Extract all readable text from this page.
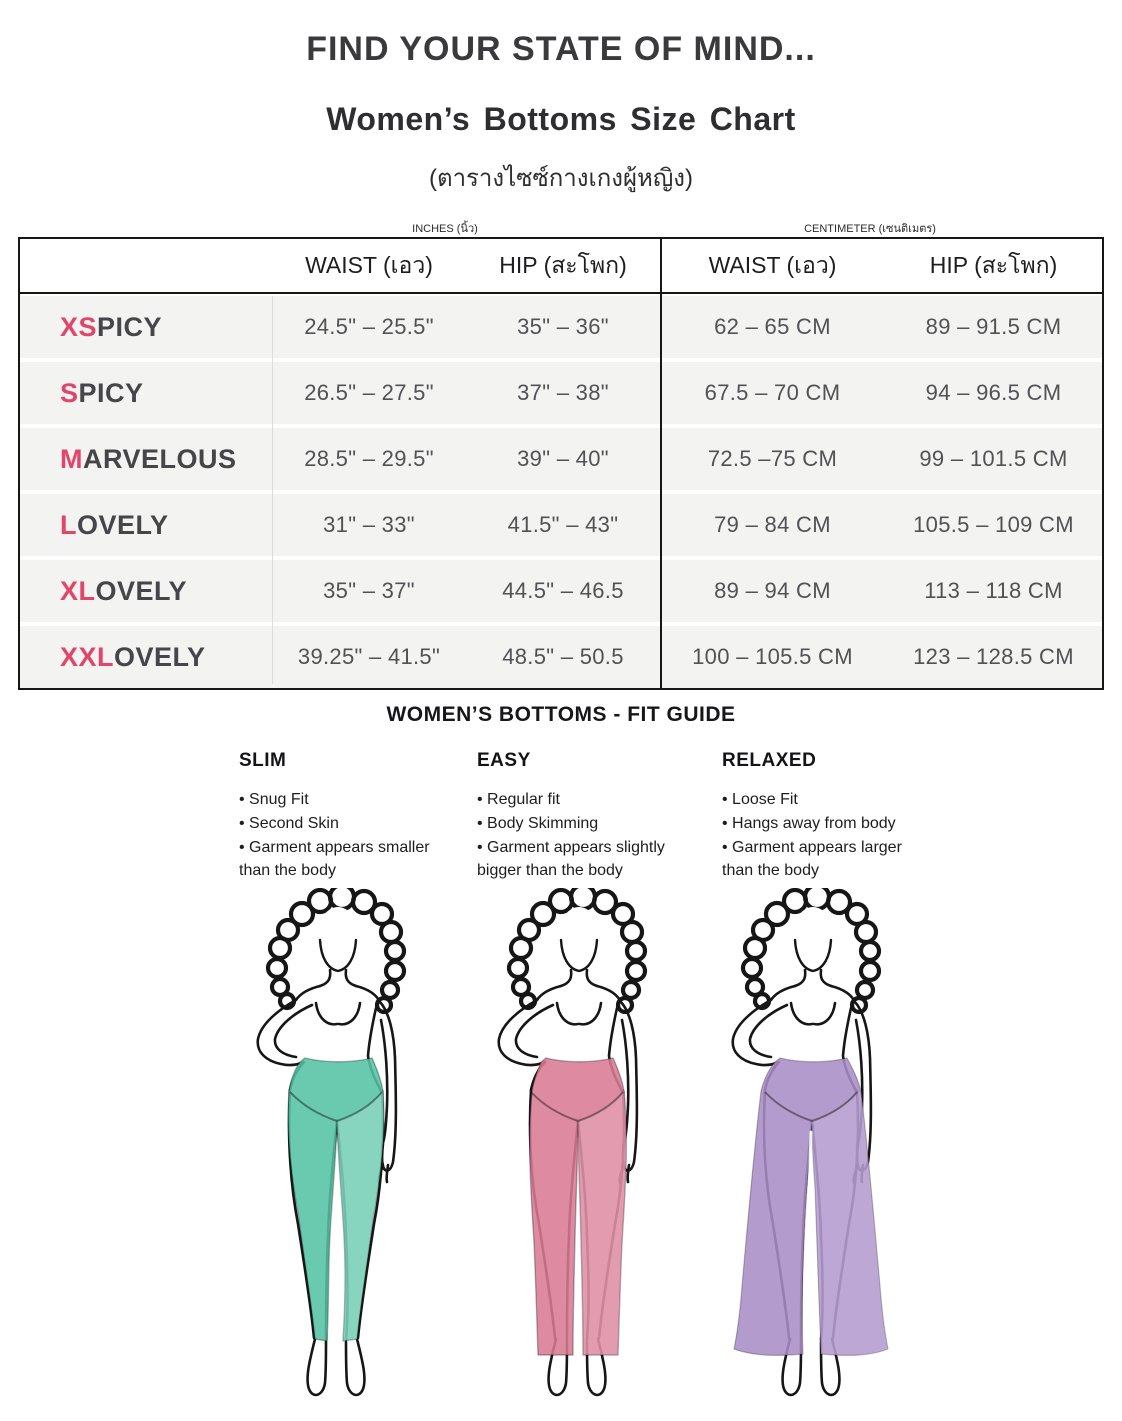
FIND YOUR STATE OF MIND...
Women’s Bottoms Size Chart
(ตารางไซซ์กางเกงผู้หญิง)
INCHES (นิ้ว)	CENTIMETER (เซนติเมตร)
WAIST (เอว)	HIP (สะโพก)	WAIST (เอว)	HIP (สะโพก)
XS PICY	24.5" – 25.5"	35" – 36"	62 – 65 CM	89 – 91.5 CM
S PICY	26.5" – 27.5"	37" – 38"	67.5 – 70 CM	94 – 96.5 CM
M ARVELOUS	28.5" – 29.5"	39" – 40"	72.5 –75 CM	99 – 101.5 CM
L OVELY	31" – 33"	41.5" – 43"	79 – 84 CM	105.5 – 109 CM
XL OVELY	35" – 37"	44.5" – 46.5	89 – 94 CM	113 – 118 CM
XXL OVELY	39.25" – 41.5"	48.5" – 50.5	100 – 105.5 CM	123 – 128.5 CM
WOMEN’S BOTTOMS - FIT GUIDE
SLIM
• Snug Fit
• Second Skin
• Garment appears smaller than the body
EASY
• Regular fit
• Body Skimming
• Garment appears slightly bigger than the body
RELAXED
• Loose Fit
• Hangs away from body
• Garment appears larger than the body
